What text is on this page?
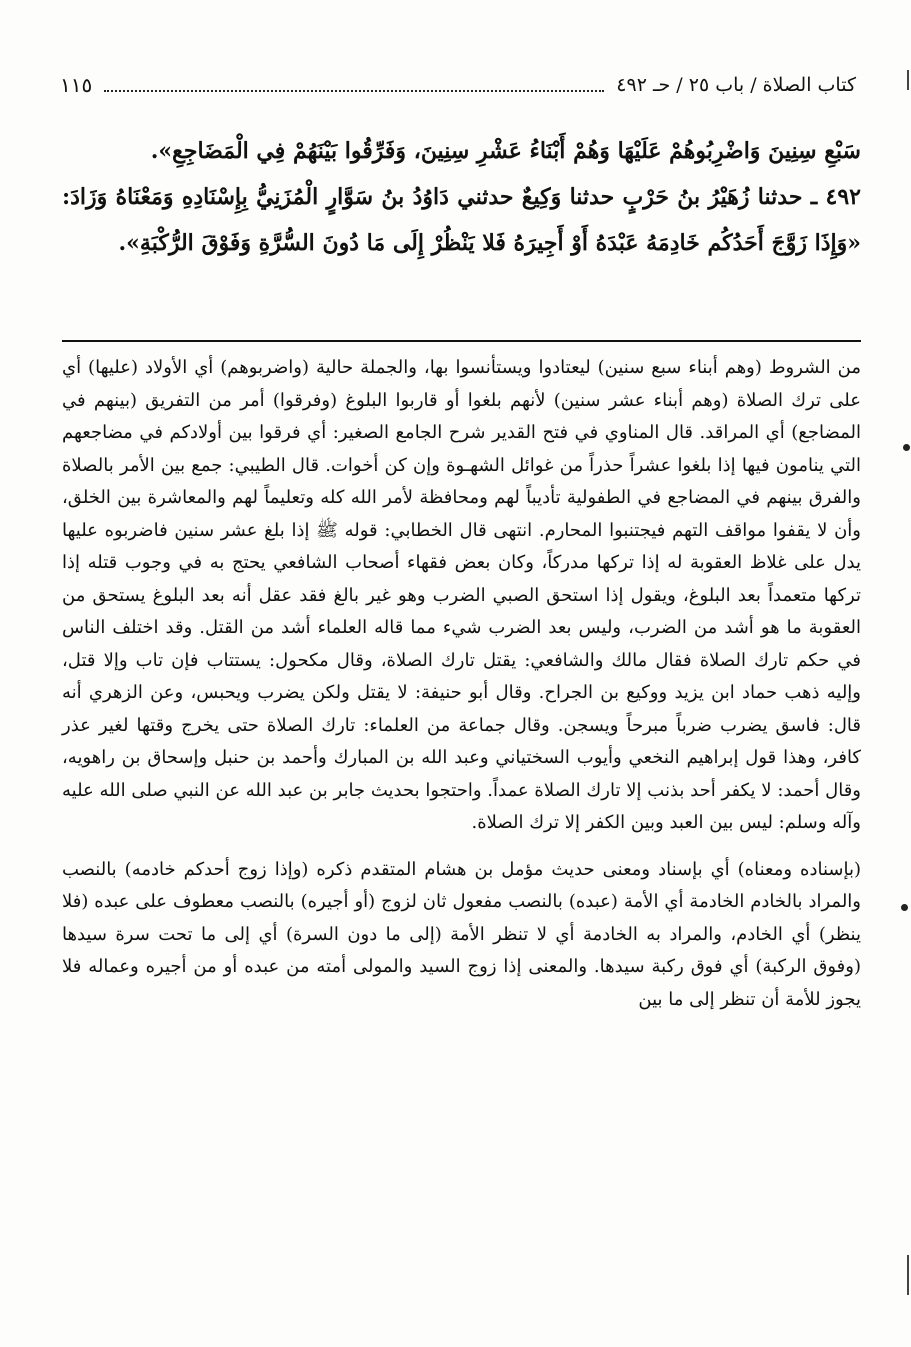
كتاب الصلاة / باب ٢٥ / حـ ٤٩٢
١١٥

سَبْعِ سِنِينَ وَاضْرِبُوهُمْ عَلَيْهَا وَهُمْ أَبْنَاءُ عَشْرِ سِنِينَ، وَفَرِّقُوا بَيْنَهُمْ فِي الْمَضَاجِعِ».

٤٩٢ ـ حدثنا زُهَيْرُ بنُ حَرْبٍ حدثنا وَكِيعٌ حدثني دَاوُدُ بنُ سَوَّارٍ الْمُزَنِيُّ بِإِسْنَادِهِ وَمَعْنَاهُ وَزَادَ: «وَإِذَا زَوَّجَ أَحَدُكُم خَادِمَهُ عَبْدَهُ أَوْ أَجِيرَهُ فَلا يَنْظُرْ إِلَى مَا دُونَ السُّرَّةِ وَفَوْقَ الرُّكْبَةِ».

من الشروط (وهم أبناء سبع سنين) ليعتادوا ويستأنسوا بها، والجملة حالية (واضربوهم) أي الأولاد (عليها) أي على ترك الصلاة (وهم أبناء عشر سنين) لأنهم بلغوا أو قاربوا البلوغ (وفرقوا) أمر من التفريق (بينهم في المضاجع) أي المراقد. قال المناوي في فتح القدير شرح الجامع الصغير: أي فرقوا بين أولادكم في مضاجعهم التي ينامون فيها إذا بلغوا عشراً حذراً من غوائل الشهـوة وإن كن أخوات. قال الطيبي: جمع بين الأمر بالصلاة والفرق بينهم في المضاجع في الطفولية تأديباً لهم ومحافظة لأمر الله كله وتعليماً لهم والمعاشرة بين الخلق، وأن لا يقفوا مواقف التهم فيجتنبوا المحارم. انتهى قال الخطابي: قوله ﷺ إذا بلغ عشر سنين فاضربوه عليها يدل على غلاظ العقوبة له إذا تركها مدركاً، وكان بعض فقهاء أصحاب الشافعي يحتج به في وجوب قتله إذا تركها متعمداً بعد البلوغ، ويقول إذا استحق الصبي الضرب وهو غير بالغ فقد عقل أنه بعد البلوغ يستحق من العقوبة ما هو أشد من الضرب، وليس بعد الضرب شيء مما قاله العلماء أشد من القتل. وقد اختلف الناس في حكم تارك الصلاة فقال مالك والشافعي: يقتل تارك الصلاة، وقال مكحول: يستتاب فإن تاب وإلا قتل، وإليه ذهب حماد ابن يزيد ووكيع بن الجراح. وقال أبو حنيفة: لا يقتل ولكن يضرب ويحبس، وعن الزهري أنه قال: فاسق يضرب ضرباً مبرحاً ويسجن. وقال جماعة من العلماء: تارك الصلاة حتى يخرج وقتها لغير عذر كافر، وهذا قول إبراهيم النخعي وأيوب السختياني وعبد الله بن المبارك وأحمد بن حنبل وإسحاق بن راهويه، وقال أحمد: لا يكفر أحد بذنب إلا تارك الصلاة عمداً. واحتجوا بحديث جابر بن عبد الله عن النبي صلى الله عليه وآله وسلم: ليس بين العبد وبين الكفر إلا ترك الصلاة.

(بإسناده ومعناه) أي بإسناد ومعنى حديث مؤمل بن هشام المتقدم ذكره (وإذا زوج أحدكم خادمه) بالنصب والمراد بالخادم الخادمة أي الأمة (عبده) بالنصب مفعول ثان لزوج (أو أجيره) بالنصب معطوف على عبده (فلا ينظر) أي الخادم، والمراد به الخادمة أي لا تنظر الأمة (إلى ما دون السرة) أي إلى ما تحت سرة سيدها (وفوق الركبة) أي فوق ركبة سيدها. والمعنى إذا زوج السيد والمولى أمته من عبده أو من أجيره وعماله فلا يجوز للأمة أن تنظر إلى ما بين
